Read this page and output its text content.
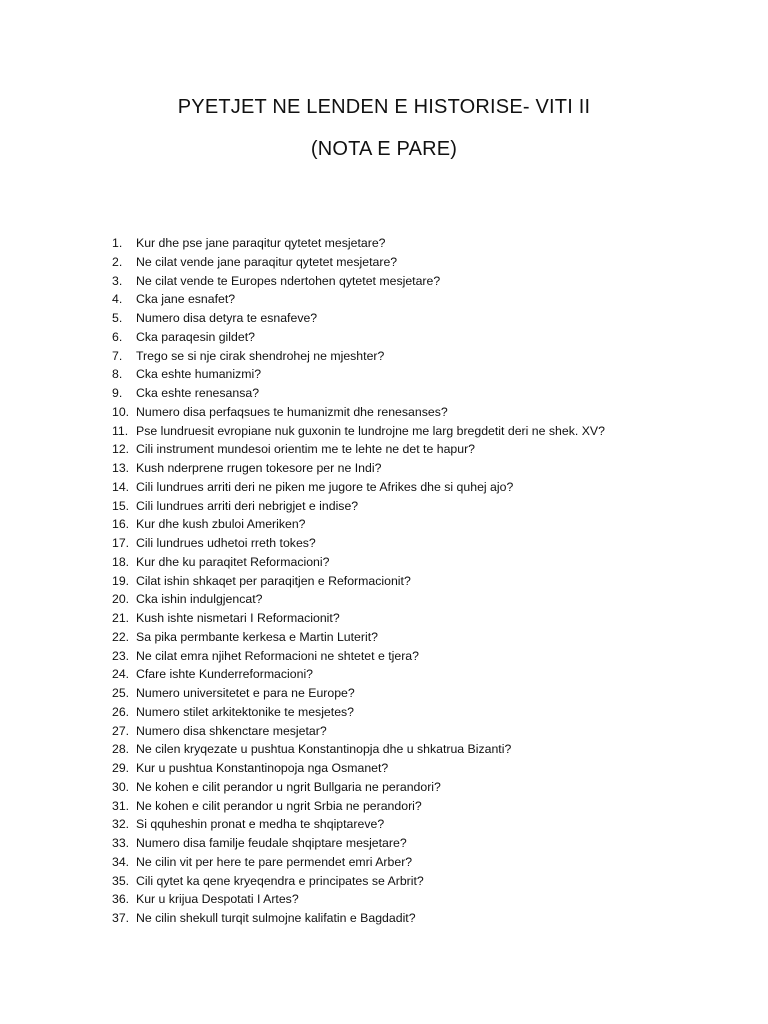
PYETJET NE LENDEN E HISTORISE- VITI II
(NOTA E PARE)
1.	Kur dhe pse jane paraqitur qytetet mesjetare?
2.	Ne cilat vende jane paraqitur qytetet mesjetare?
3.	Ne cilat vende te Europes ndertohen qytetet mesjetare?
4.	Cka jane esnafet?
5.	Numero disa detyra te esnafeve?
6.	Cka paraqesin gildet?
7.	Trego se si nje cirak shendrohej ne mjeshter?
8.	Cka eshte humanizmi?
9.	Cka eshte renesansa?
10. Numero disa perfaqsues te humanizmit dhe renesanses?
11. Pse lundruesit evropiane nuk guxonin te lundrojne me larg bregdetit deri ne shek. XV?
12. Cili instrument mundesoi orientim me te lehte ne det te hapur?
13. Kush nderprene rrugen tokesore per ne Indi?
14. Cili lundrues arriti deri ne piken me jugore te Afrikes dhe si quhej ajo?
15. Cili lundrues arriti deri nebrigjet e indise?
16. Kur dhe kush zbuloi Ameriken?
17. Cili lundrues udhetoi rreth tokes?
18. Kur dhe ku paraqitet Reformacioni?
19. Cilat ishin shkaqet per paraqitjen e Reformacionit?
20. Cka ishin indulgjencat?
21. Kush ishte nismetari I Reformacionit?
22. Sa pika permbante kerkesa e Martin Luterit?
23. Ne cilat emra njihet Reformacioni ne shtetet e tjera?
24. Cfare ishte Kunderreformacioni?
25. Numero universitetet e para ne Europe?
26. Numero stilet arkitektonike te mesjetes?
27. Numero disa shkenctare mesjetar?
28. Ne cilen kryqezate u pushtua Konstantinopja dhe u shkatrua Bizanti?
29. Kur u pushtua Konstantinopoja nga Osmanet?
30. Ne kohen e cilit perandor u ngrit Bullgaria ne perandori?
31. Ne kohen e cilit perandor u ngrit Srbia ne perandori?
32. Si qquheshin pronat e medha te shqiptareve?
33. Numero disa familje feudale shqiptare mesjetare?
34. Ne cilin vit per here te pare permendet emri Arber?
35. Cili qytet ka qene kryeqendra e principates se Arbrit?
36. Kur u krijua Despotati I Artes?
37. Ne cilin shekull turqit sulmojne kalifatin e Bagdadit?
